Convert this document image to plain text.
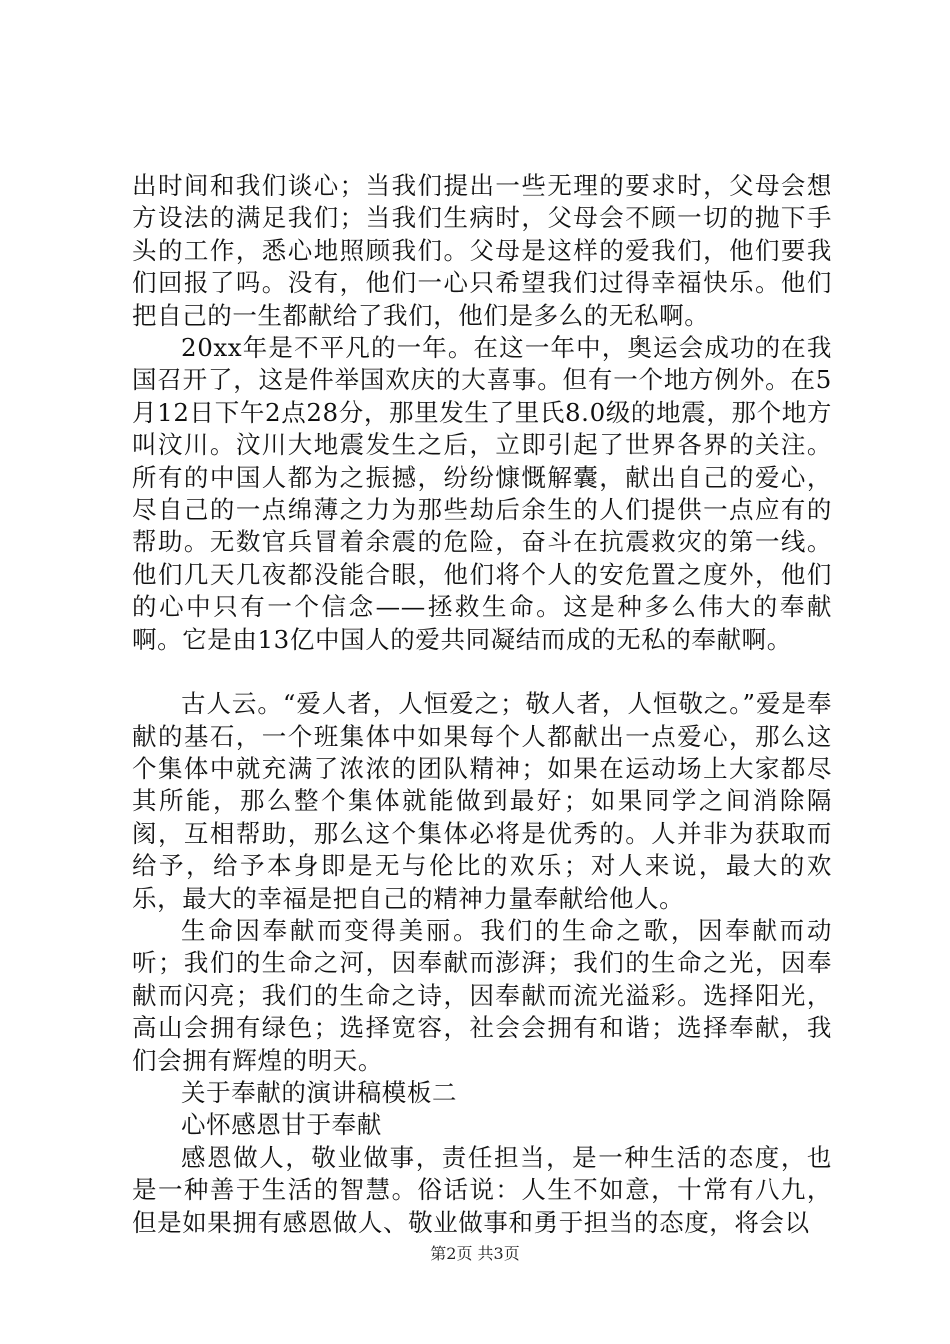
出时间和我们谈心；当我们提出一些无理的要求时，父母会想方设法的满足我们；当我们生病时，父母会不顾一切的抛下手头的工作，悉心地照顾我们。父母是这样的爱我们，他们要我们回报了吗。没有，他们一心只希望我们过得幸福快乐。他们把自己的一生都献给了我们，他们是多么的无私啊。

20xx年是不平凡的一年。在这一年中，奥运会成功的在我国召开了，这是件举国欢庆的大喜事。但有一个地方例外。在5月12日下午2点28分，那里发生了里氏8.0级的地震，那个地方叫汶川。汶川大地震发生之后，立即引起了世界各界的关注。所有的中国人都为之振撼，纷纷慷慨解囊，献出自己的爱心，尽自己的一点绵薄之力为那些劫后余生的人们提供一点应有的帮助。无数官兵冒着余震的危险，奋斗在抗震救灾的第一线。他们几天几夜都没能合眼，他们将个人的安危置之度外，他们的心中只有一个信念——拯救生命。这是种多么伟大的奉献啊。它是由13亿中国人的爱共同凝结而成的无私的奉献啊。

古人云。“爱人者，人恒爱之；敬人者，人恒敬之。”爱是奉献的基石，一个班集体中如果每个人都献出一点爱心，那么这个集体中就充满了浓浓的团队精神；如果在运动场上大家都尽其所能，那么整个集体就能做到最好；如果同学之间消除隔阂，互相帮助，那么这个集体必将是优秀的。人并非为获取而给予，给予本身即是无与伦比的欢乐；对人来说，最大的欢乐，最大的幸福是把自己的精神力量奉献给他人。

生命因奉献而变得美丽。我们的生命之歌，因奉献而动听；我们的生命之河，因奉献而澎湃；我们的生命之光，因奉献而闪亮；我们的生命之诗，因奉献而流光溢彩。选择阳光，高山会拥有绿色；选择宽容，社会会拥有和谐；选择奉献，我们会拥有辉煌的明天。

关于奉献的演讲稿模板二

心怀感恩甘于奉献

感恩做人，敬业做事，责任担当，是一种生活的态度，也是一种善于生活的智慧。俗话说：人生不如意，十常有八九，但是如果拥有感恩做人、敬业做事和勇于担当的态度，将会以

第2页 共3页
